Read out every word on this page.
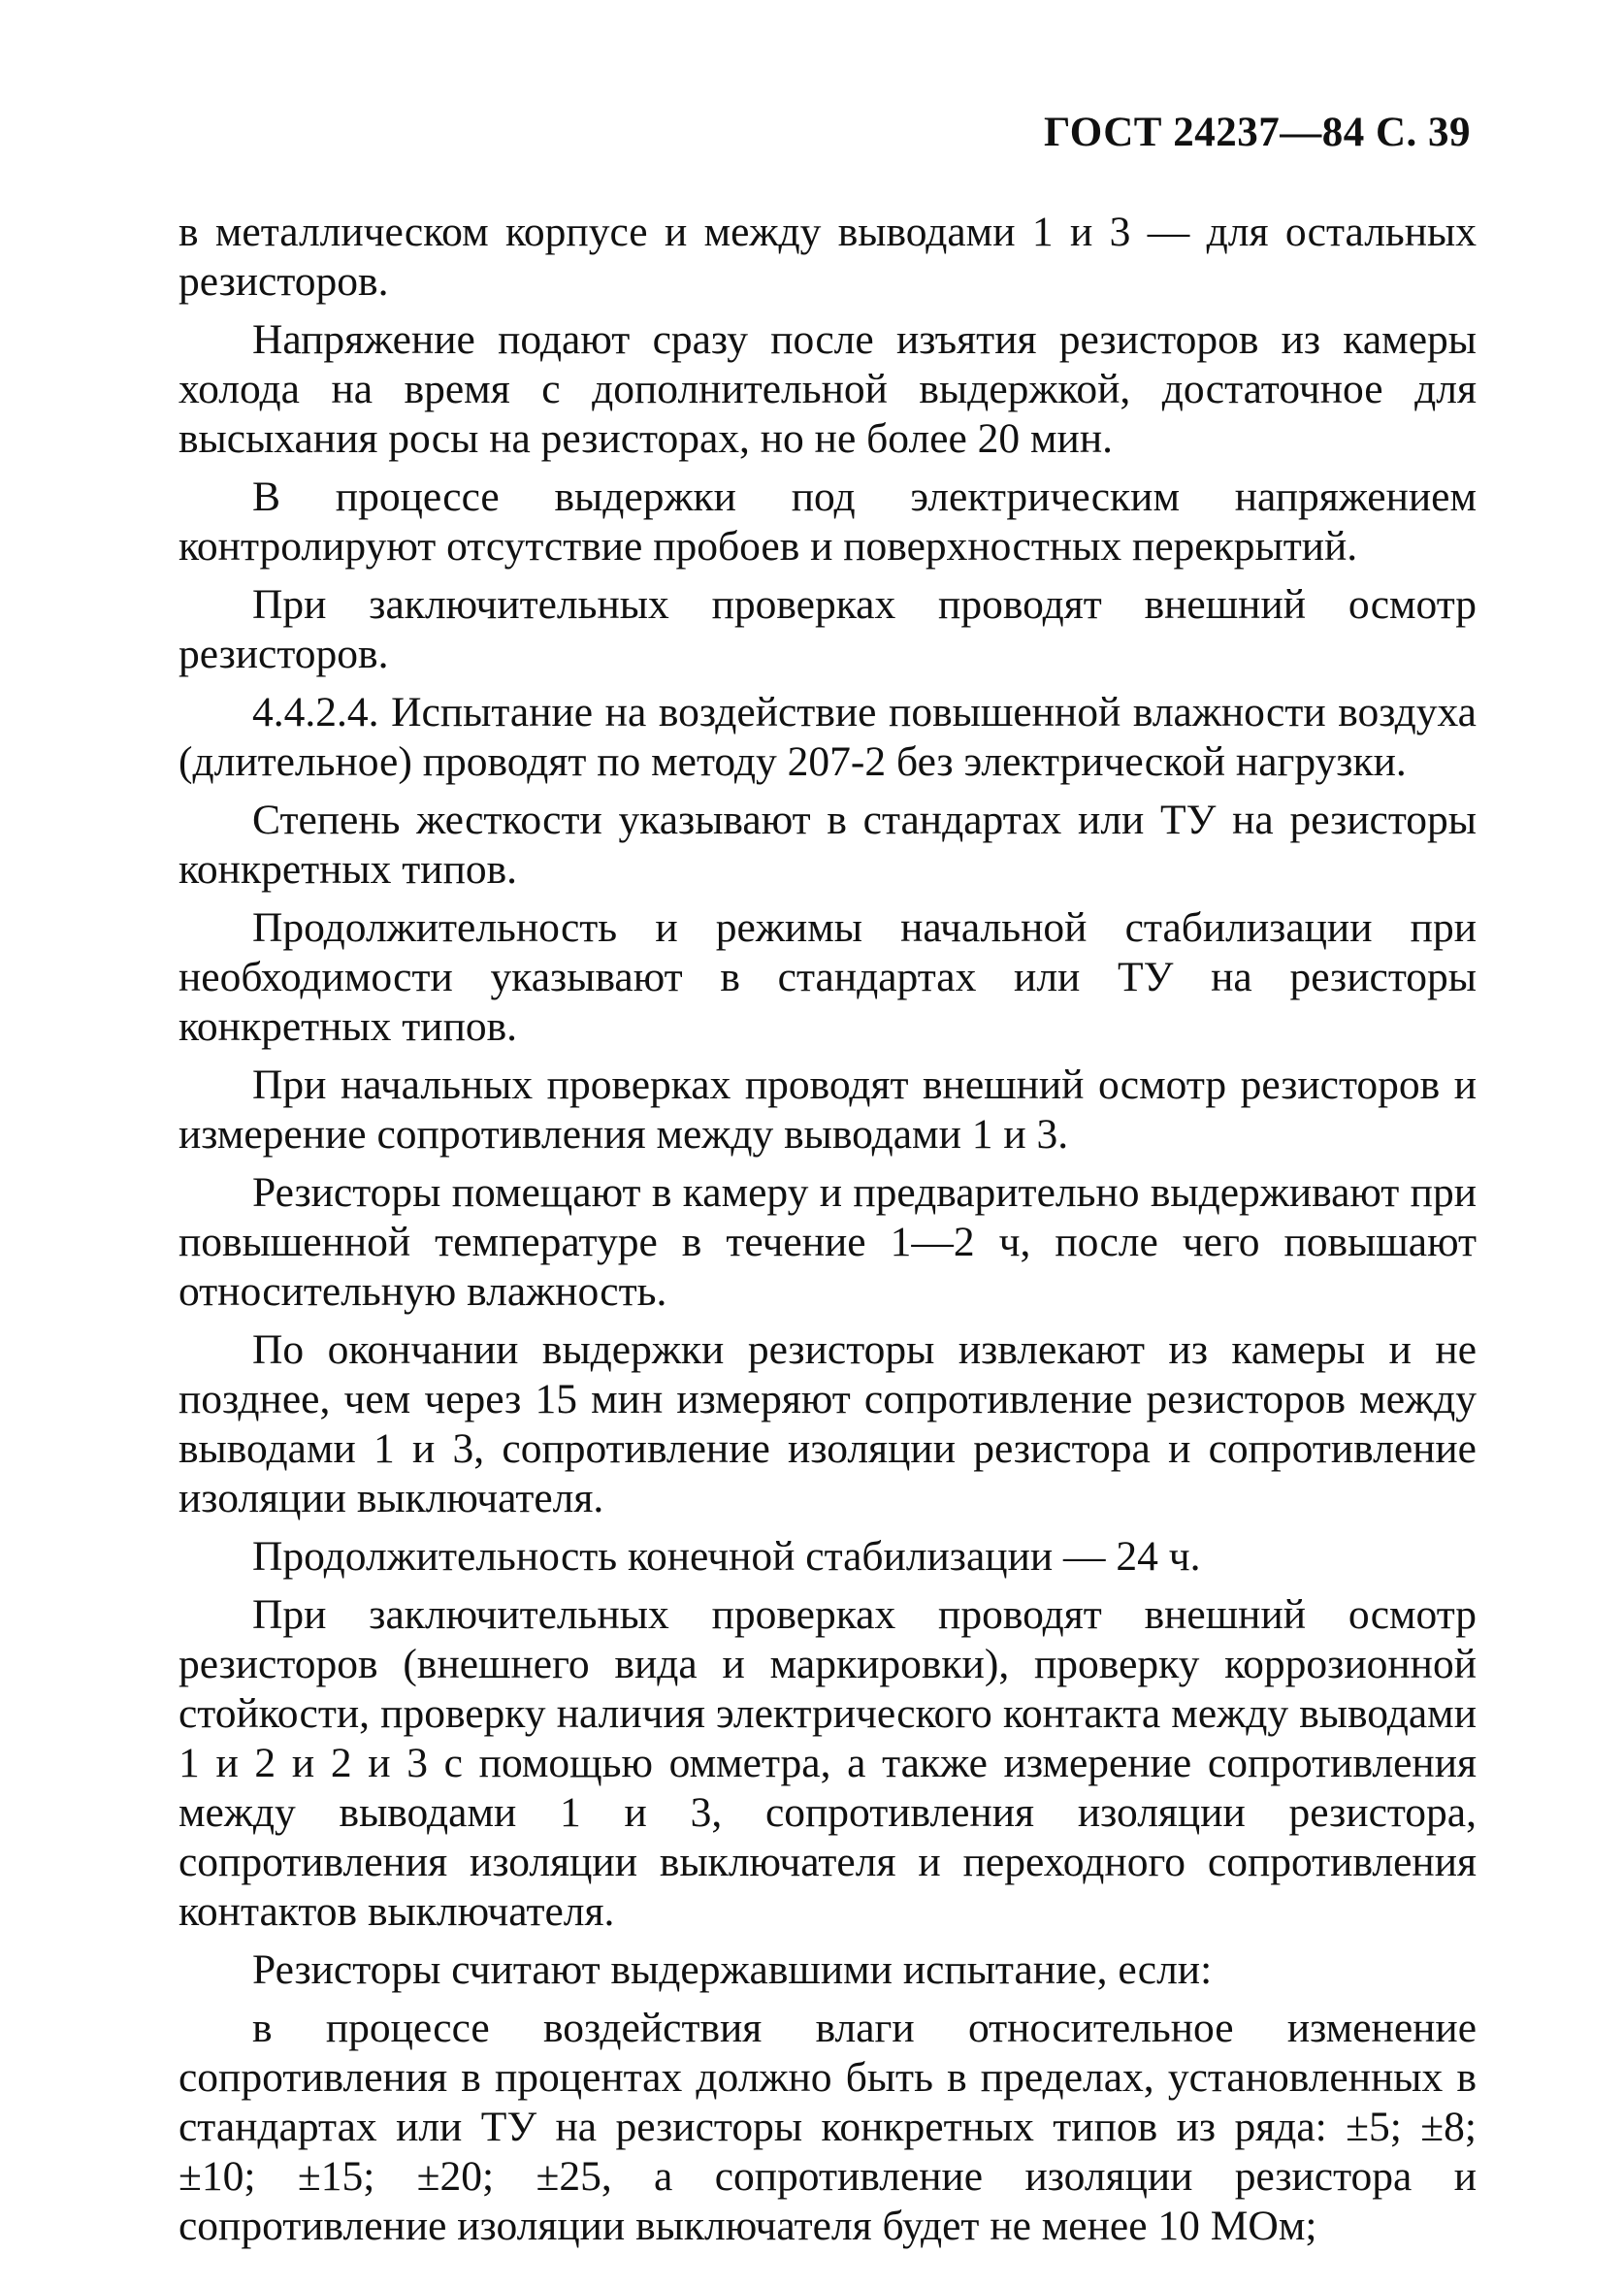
ГОСТ 24237—84 С. 39

в металлическом корпусе и между выводами 1 и 3 — для остальных резисторов.

Напряжение подают сразу после изъятия резисторов из камеры холода на время с дополнительной выдержкой, достаточное для высыхания росы на резисторах, но не более 20 мин.

В процессе выдержки под электрическим напряжением контролируют отсутствие пробоев и поверхностных перекрытий.

При заключительных проверках проводят внешний осмотр резисторов.

4.4.2.4. Испытание на воздействие повышенной влажности воздуха (длительное) проводят по методу 207-2 без электрической нагрузки.

Степень жесткости указывают в стандартах или ТУ на резисторы конкретных типов.

Продолжительность и режимы начальной стабилизации при необходимости указывают в стандартах или ТУ на резисторы конкретных типов.

При начальных проверках проводят внешний осмотр резисторов и измерение сопротивления между выводами 1 и 3.

Резисторы помещают в камеру и предварительно выдерживают при повышенной температуре в течение 1—2 ч, после чего повышают относительную влажность.

По окончании выдержки резисторы извлекают из камеры и не позднее, чем через 15 мин измеряют сопротивление резисторов между выводами 1 и 3, сопротивление изоляции резистора и сопротивление изоляции выключателя.

Продолжительность конечной стабилизации — 24 ч.

При заключительных проверках проводят внешний осмотр резисторов (внешнего вида и маркировки), проверку коррозионной стойкости, проверку наличия электрического контакта между выводами 1 и 2 и 2 и 3 с помощью омметра, а также измерение сопротивления между выводами 1 и 3, сопротивления изоляции резистора, сопротивления изоляции выключателя и переходного сопротивления контактов выключателя.

Резисторы считают выдержавшими испытание, если:

в процессе воздействия влаги относительное изменение сопротивления в процентах должно быть в пределах, установленных в стандартах или ТУ на резисторы конкретных типов из ряда: ±5; ±8; ±10; ±15; ±20; ±25, а сопротивление изоляции резистора и сопротивление изоляции выключателя будет не менее 10 МОм;
